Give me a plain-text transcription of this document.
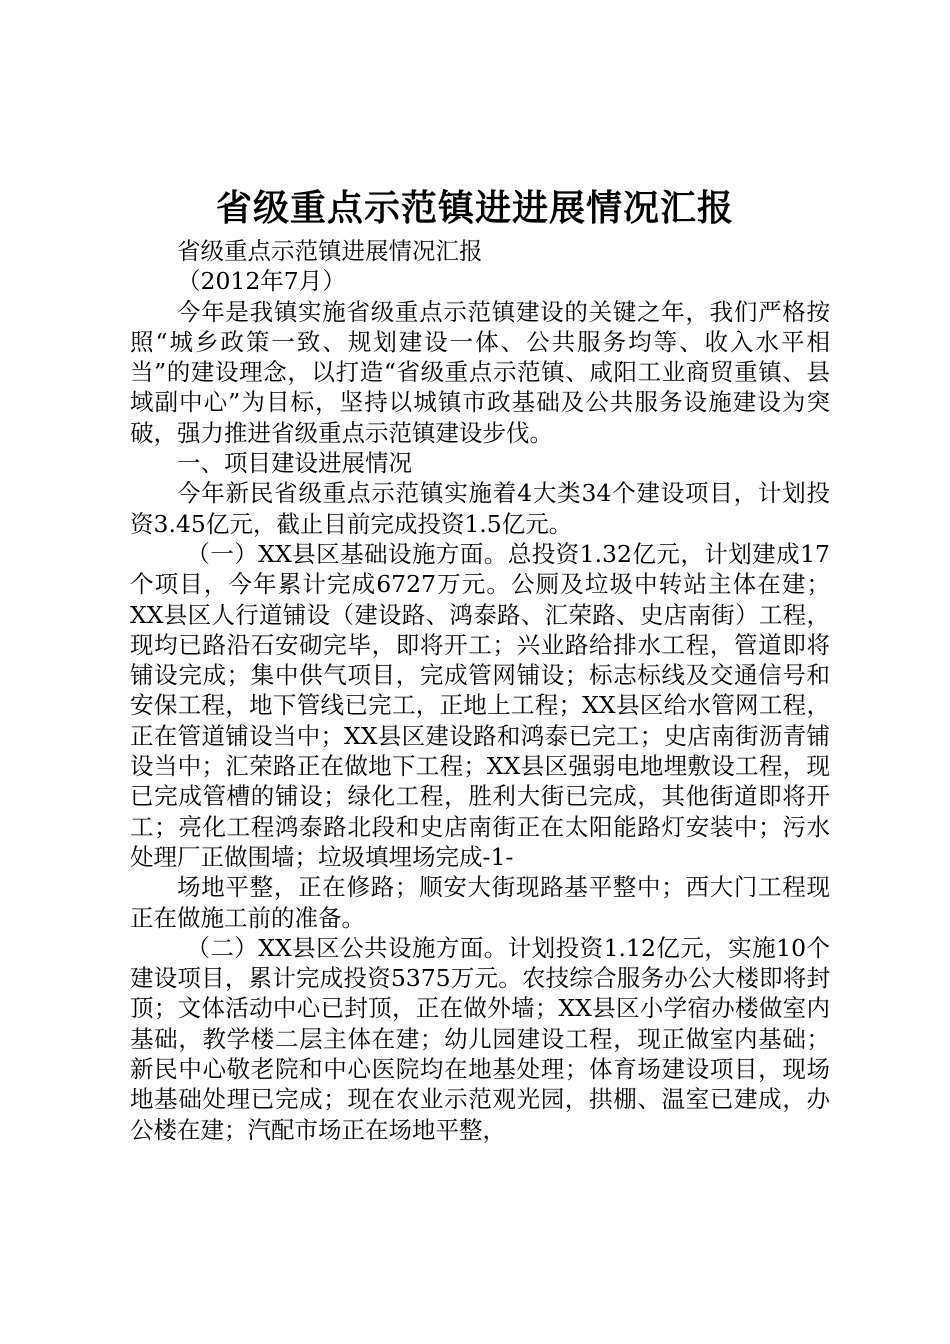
省级重点示范镇进进展情况汇报

省级重点示范镇进展情况汇报

（2012年7月）

今年是我镇实施省级重点示范镇建设的关键之年，我们严格按照“城乡政策一致、规划建设一体、公共服务均等、收入水平相当”的建设理念，以打造“省级重点示范镇、咸阳工业商贸重镇、县域副中心”为目标，坚持以城镇市政基础及公共服务设施建设为突破，强力推进省级重点示范镇建设步伐。

一、项目建设进展情况

今年新民省级重点示范镇实施着4大类34个建设项目，计划投资3.45亿元，截止目前完成投资1.5亿元。

（一）XX县区基础设施方面。总投资1.32亿元，计划建成17个项目，今年累计完成6727万元。公厕及垃圾中转站主体在建；XX县区人行道铺设（建设路、鸿泰路、汇荣路、史店南街）工程，现均已路沿石安砌完毕，即将开工；兴业路给排水工程，管道即将铺设完成；集中供气项目，完成管网铺设；标志标线及交通信号和安保工程，地下管线已完工，正地上工程；XX县区给水管网工程，正在管道铺设当中；XX县区建设路和鸿泰已完工；史店南街沥青铺设当中；汇荣路正在做地下工程；XX县区强弱电地埋敷设工程，现已完成管槽的铺设；绿化工程，胜利大街已完成，其他街道即将开工；亮化工程鸿泰路北段和史店南街正在太阳能路灯安装中；污水处理厂正做围墙；垃圾填埋场完成-1-

场地平整，正在修路；顺安大街现路基平整中；西大门工程现正在做施工前的准备。

（二）XX县区公共设施方面。计划投资1.12亿元，实施10个建设项目，累计完成投资5375万元。农技综合服务办公大楼即将封顶；文体活动中心已封顶，正在做外墙；XX县区小学宿办楼做室内基础，教学楼二层主体在建；幼儿园建设工程，现正做室内基础；新民中心敬老院和中心医院均在地基处理；体育场建设项目，现场地基础处理已完成；现在农业示范观光园，拱棚、温室已建成，办公楼在建；汽配市场正在场地平整，
